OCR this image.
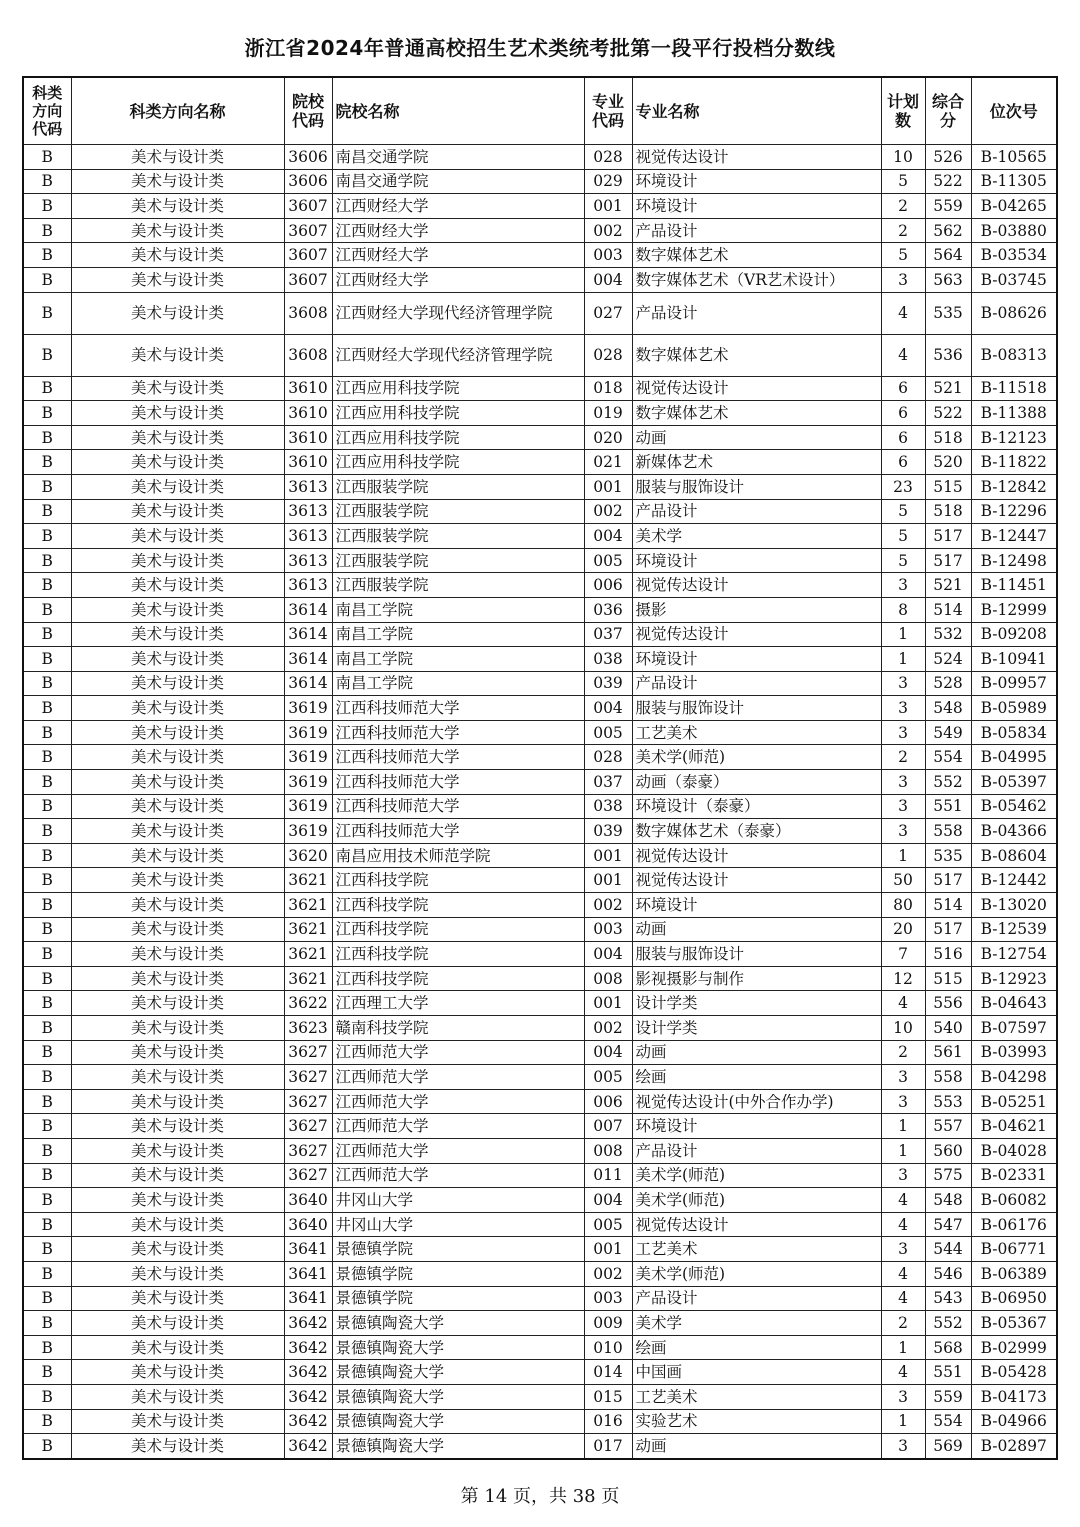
浙江省2024年普通高校招生艺术类统考批第一段平行投档分数线
科类方向代码	科类方向名称	院校代码	院校名称	专业代码	专业名称	计划数	综合分	位次号
B	美术与设计类	3606	南昌交通学院	028	视觉传达设计	10	526	B-10565
B	美术与设计类	3606	南昌交通学院	029	环境设计	5	522	B-11305
B	美术与设计类	3607	江西财经大学	001	环境设计	2	559	B-04265
B	美术与设计类	3607	江西财经大学	002	产品设计	2	562	B-03880
B	美术与设计类	3607	江西财经大学	003	数字媒体艺术	5	564	B-03534
B	美术与设计类	3607	江西财经大学	004	数字媒体艺术（VR艺术设计）	3	563	B-03745
B	美术与设计类	3608	江西财经大学现代经济管理学院	027	产品设计	4	535	B-08626
B	美术与设计类	3608	江西财经大学现代经济管理学院	028	数字媒体艺术	4	536	B-08313
B	美术与设计类	3610	江西应用科技学院	018	视觉传达设计	6	521	B-11518
B	美术与设计类	3610	江西应用科技学院	019	数字媒体艺术	6	522	B-11388
B	美术与设计类	3610	江西应用科技学院	020	动画	6	518	B-12123
B	美术与设计类	3610	江西应用科技学院	021	新媒体艺术	6	520	B-11822
B	美术与设计类	3613	江西服装学院	001	服装与服饰设计	23	515	B-12842
B	美术与设计类	3613	江西服装学院	002	产品设计	5	518	B-12296
B	美术与设计类	3613	江西服装学院	004	美术学	5	517	B-12447
B	美术与设计类	3613	江西服装学院	005	环境设计	5	517	B-12498
B	美术与设计类	3613	江西服装学院	006	视觉传达设计	3	521	B-11451
B	美术与设计类	3614	南昌工学院	036	摄影	8	514	B-12999
B	美术与设计类	3614	南昌工学院	037	视觉传达设计	1	532	B-09208
B	美术与设计类	3614	南昌工学院	038	环境设计	1	524	B-10941
B	美术与设计类	3614	南昌工学院	039	产品设计	3	528	B-09957
B	美术与设计类	3619	江西科技师范大学	004	服装与服饰设计	3	548	B-05989
B	美术与设计类	3619	江西科技师范大学	005	工艺美术	3	549	B-05834
B	美术与设计类	3619	江西科技师范大学	028	美术学(师范)	2	554	B-04995
B	美术与设计类	3619	江西科技师范大学	037	动画（泰豪）	3	552	B-05397
B	美术与设计类	3619	江西科技师范大学	038	环境设计（泰豪）	3	551	B-05462
B	美术与设计类	3619	江西科技师范大学	039	数字媒体艺术（泰豪）	3	558	B-04366
B	美术与设计类	3620	南昌应用技术师范学院	001	视觉传达设计	1	535	B-08604
B	美术与设计类	3621	江西科技学院	001	视觉传达设计	50	517	B-12442
B	美术与设计类	3621	江西科技学院	002	环境设计	80	514	B-13020
B	美术与设计类	3621	江西科技学院	003	动画	20	517	B-12539
B	美术与设计类	3621	江西科技学院	004	服装与服饰设计	7	516	B-12754
B	美术与设计类	3621	江西科技学院	008	影视摄影与制作	12	515	B-12923
B	美术与设计类	3622	江西理工大学	001	设计学类	4	556	B-04643
B	美术与设计类	3623	赣南科技学院	002	设计学类	10	540	B-07597
B	美术与设计类	3627	江西师范大学	004	动画	2	561	B-03993
B	美术与设计类	3627	江西师范大学	005	绘画	3	558	B-04298
B	美术与设计类	3627	江西师范大学	006	视觉传达设计(中外合作办学)	3	553	B-05251
B	美术与设计类	3627	江西师范大学	007	环境设计	1	557	B-04621
B	美术与设计类	3627	江西师范大学	008	产品设计	1	560	B-04028
B	美术与设计类	3627	江西师范大学	011	美术学(师范)	3	575	B-02331
B	美术与设计类	3640	井冈山大学	004	美术学(师范)	4	548	B-06082
B	美术与设计类	3640	井冈山大学	005	视觉传达设计	4	547	B-06176
B	美术与设计类	3641	景德镇学院	001	工艺美术	3	544	B-06771
B	美术与设计类	3641	景德镇学院	002	美术学(师范)	4	546	B-06389
B	美术与设计类	3641	景德镇学院	003	产品设计	4	543	B-06950
B	美术与设计类	3642	景德镇陶瓷大学	009	美术学	2	552	B-05367
B	美术与设计类	3642	景德镇陶瓷大学	010	绘画	1	568	B-02999
B	美术与设计类	3642	景德镇陶瓷大学	014	中国画	4	551	B-05428
B	美术与设计类	3642	景德镇陶瓷大学	015	工艺美术	3	559	B-04173
B	美术与设计类	3642	景德镇陶瓷大学	016	实验艺术	1	554	B-04966
B	美术与设计类	3642	景德镇陶瓷大学	017	动画	3	569	B-02897
第 14 页，共 38 页
